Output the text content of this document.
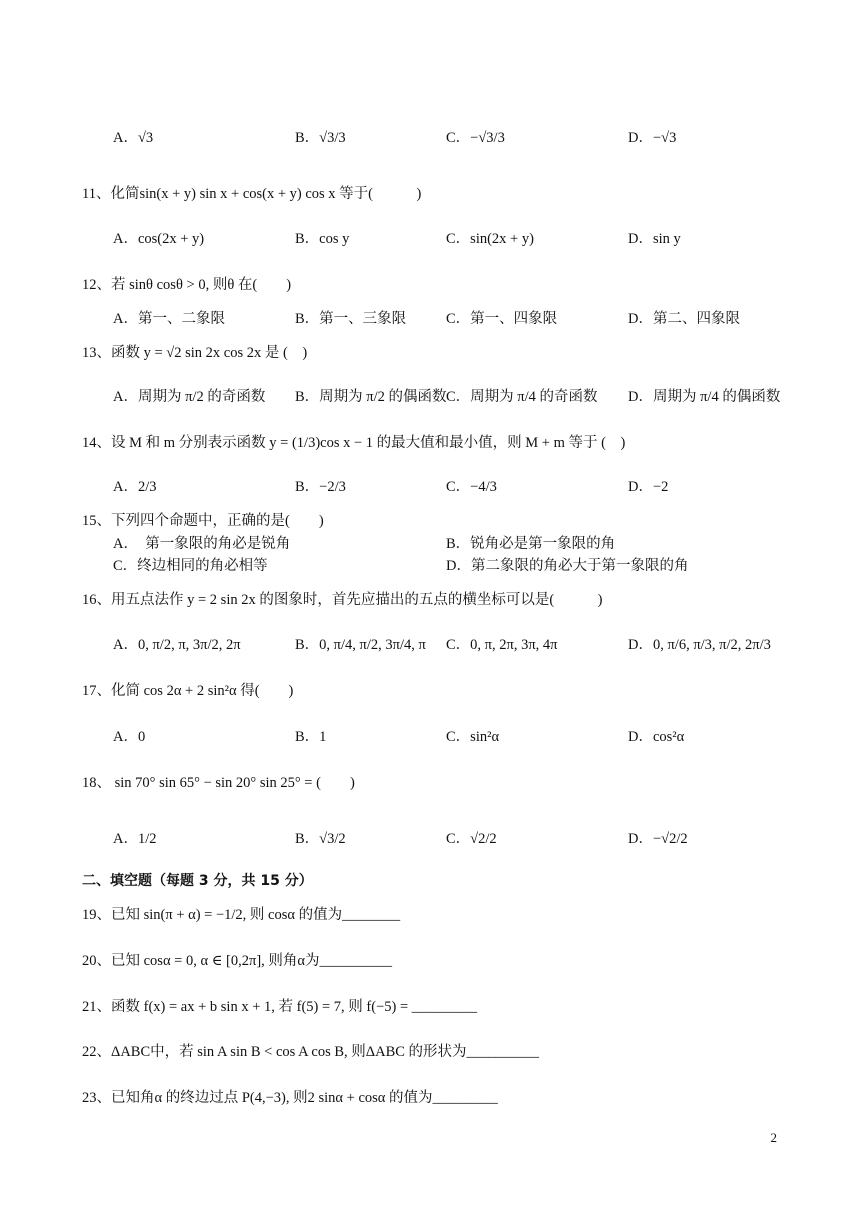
A．√3	B．√3/3	C．−√3/3	D．−√3
11、化简sin(x + y) sin x + cos(x + y) cos x 等于(　　　)
A．cos(2x + y)	B．cos y	C．sin(2x + y)	D．sin y
12、若 sinθ cosθ > 0, 则θ 在(　　)
A．第一、二象限	B．第一、三象限	C．第一、四象限	D．第二、四象限
13、函数 y = √2 sin 2x cos 2x 是 (　)
A．周期为 π/2 的奇函数 B．周期为 π/2 的偶函数 C．周期为 π/4 的奇函数 D．周期为 π/4 的偶函数
14、设 M 和 m 分别表示函数 y = (1/3)cos x − 1 的最大值和最小值，则 M + m 等于 (　)
A．2/3	B．−2/3	C．−4/3	D．−2
15、下列四个命题中，正确的是(　　)
A．　第一象限的角必是锐角	B．锐角必是第一象限的角
C．终边相同的角必相等	D．第二象限的角必大于第一象限的角
16、用五点法作 y = 2 sin 2x 的图象时，首先应描出的五点的横坐标可以是(　　　)
A．0, π/2, π, 3π/2, 2π	B．0, π/4, π/2, 3π/4, π C．0, π, 2π, 3π, 4π	D．0, π/6, π/3, π/2, 2π/3
17、化简 cos 2α + 2 sin²α 得(　　)
A．0	B．1	C．sin²α	D．cos²α
18、 sin 70° sin 65° − sin 20° sin 25° = (　　)
A．1/2	B．√3/2	C．√2/2	D．−√2/2
二、填空题（每题 3 分，共 15 分）
19、已知 sin(π + α) = −1/2, 则 cosα 的值为________
20、已知 cosα = 0, α ∈ [0,2π], 则角α为__________
21、函数 f(x) = ax + b sin x + 1, 若 f(5) = 7, 则 f(−5) = _________
22、ΔABC中，若 sin A sin B < cos A cos B, 则ΔABC 的形状为__________
23、已知角α 的终边过点 P(4,−3), 则2 sinα + cosα 的值为_________
2
